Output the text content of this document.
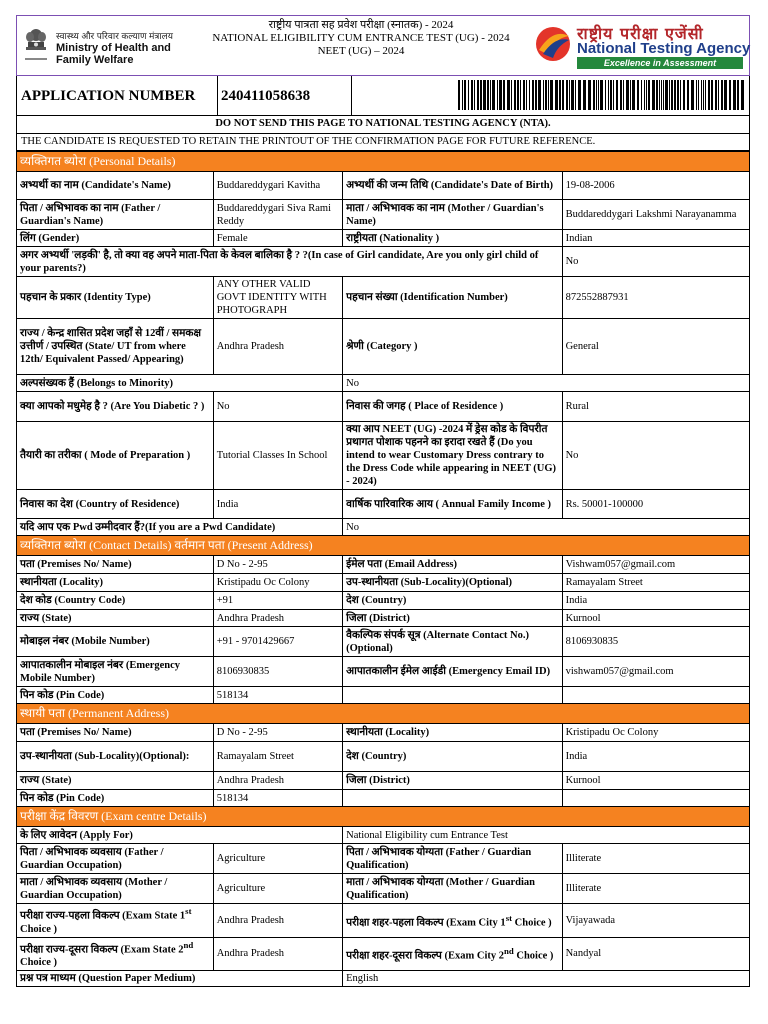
स्वास्थ्य और परिवार कल्याण मंत्रालय
Ministry of Health and Family Welfare
राष्ट्रीय पात्रता सह प्रवेश परीक्षा (स्नातक) - 2024
NATIONAL ELIGIBILITY CUM ENTRANCE TEST (UG) - 2024
NEET (UG) – 2024
राष्ट्रीय परीक्षा एजेंसी
National Testing Agency
Excellence in Assessment
APPLICATION NUMBER	240411058638
DO NOT SEND THIS PAGE TO NATIONAL TESTING AGENCY (NTA).
THE CANDIDATE IS REQUESTED TO RETAIN THE PRINTOUT OF THE CONFIRMATION PAGE FOR FUTURE REFERENCE.
व्यक्तिगत ब्योरा (Personal Details)			
अभ्यर्थी का नाम (Candidate's Name)	Buddareddygari Kavitha	अभ्यर्थी की जन्म तिथि (Candidate's Date of Birth)	19-08-2006
पिता / अभिभावक का नाम (Father / Guardian's Name)	Buddareddygari Siva Rami Reddy	माता / अभिभावक का नाम (Mother / Guardian's Name)	Buddareddygari Lakshmi Narayanamma
लिंग (Gender)	Female	राष्ट्रीयता (Nationality )	Indian
अगर अभ्यर्थी 'लड़की' है, तो क्या वह अपने माता-पिता के केवल बालिका है ? ?(In case of Girl candidate, Are you only girl child of your parents?)			No
पहचान के प्रकार (Identity Type)	ANY OTHER VALID GOVT IDENTITY WITH PHOTOGRAPH	पहचान संख्या (Identification Number)	872552887931
राज्य / केन्द्र शासित प्रदेश जहाँ से 12वीं / समकक्ष उत्तीर्ण / उपस्थित (State/ UT from where 12th/ Equivalent Passed/ Appearing)	Andhra Pradesh	श्रेणी (Category )	General
अल्पसंख्यक हैं (Belongs to Minority)		No	
क्या आपको मधुमेह है ? (Are You Diabetic ? )	No	निवास की जगह ( Place of Residence )	Rural
तैयारी का तरीका ( Mode of Preparation )	Tutorial Classes In School	क्या आप NEET (UG) -2024 में ड्रेस कोड के विपरीत प्रथागत पोशाक पहनने का इरादा रखते हैं (Do you intend to wear Customary Dress contrary to the Dress Code while appearing in NEET (UG) - 2024)	No
निवास का देश (Country of Residence)	India	वार्षिक पारिवारिक आय ( Annual Family Income )	Rs. 50001-100000
यदि आप एक Pwd उम्मीदवार हैं?(If you are a Pwd Candidate)		No	
व्यक्तिगत ब्योरा (Contact Details) वर्तमान पता (Present Address)			
पता (Premises No/ Name)	D No - 2-95	ईमेल पता (Email Address)	Vishwam057@gmail.com
स्थानीयता (Locality)	Kristipadu Oc Colony	उप-स्थानीयता (Sub-Locality)(Optional)	Ramayalam Street
देश कोड (Country Code)	+91	देश (Country)	India
राज्य (State)	Andhra Pradesh	जिला (District)	Kurnool
मोबाइल नंबर (Mobile Number)	+91 - 9701429667	वैकल्पिक संपर्क सूत्र (Alternate Contact No.) (Optional)	8106930835
आपातकालीन मोबाइल नंबर (Emergency Mobile Number)	8106930835	आपातकालीन ईमेल आईडी (Emergency Email ID)	vishwam057@gmail.com
पिन कोड (Pin Code)	518134		
स्थायी पता (Permanent Address)			
पता (Premises No/ Name)	D No - 2-95	स्थानीयता (Locality)	Kristipadu Oc Colony
उप-स्थानीयता (Sub-Locality)(Optional):	Ramayalam Street	देश (Country)	India
राज्य (State)	Andhra Pradesh	जिला (District)	Kurnool
पिन कोड (Pin Code)	518134		
परीक्षा केंद्र विवरण (Exam centre Details)			
के लिए आवेदन (Apply For)		National Eligibility cum Entrance Test	
पिता / अभिभावक व्यवसाय (Father / Guardian Occupation)	Agriculture	पिता / अभिभावक योग्यता (Father / Guardian Qualification)	Illiterate
माता / अभिभावक व्यवसाय (Mother / Guardian Occupation)	Agriculture	माता / अभिभावक योग्यता (Mother / Guardian Qualification)	Illiterate
परीक्षा राज्य-पहला विकल्प (Exam State 1st Choice )	Andhra Pradesh	परीक्षा शहर-पहला विकल्प (Exam City 1st Choice )	Vijayawada
परीक्षा राज्य-दूसरा विकल्प (Exam State 2nd Choice )	Andhra Pradesh	परीक्षा शहर-दूसरा विकल्प (Exam City 2nd Choice )	Nandyal
प्रश्न पत्र माध्यम (Question Paper Medium)		English	
